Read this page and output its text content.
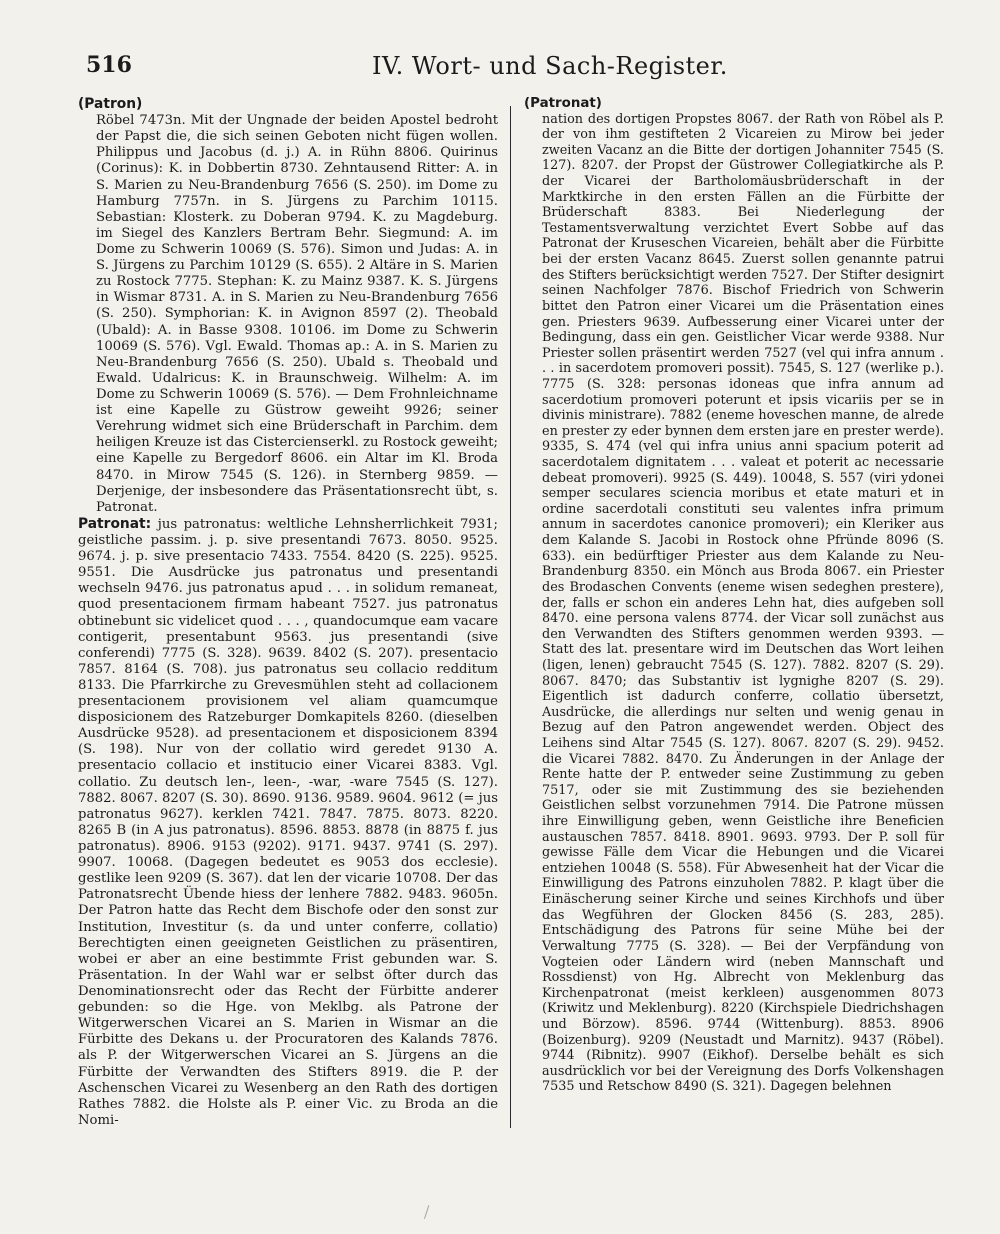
516	IV. Wort- und Sach-Register.
(Patron)
Röbel 7473n. Mit der Ungnade der beiden Apostel bedroht der Papst die, die sich seinen Geboten nicht fügen wollen. Philippus und Jacobus (d. j.) A. in Rühn 8806. Quirinus (Corinus): K. in Dobbertin 8730. Zehntausend Ritter: A. in S. Marien zu Neu-Brandenburg 7656 (S. 250). im Dome zu Hamburg 7757n. in S. Jürgens zu Parchim 10115. Sebastian: Klosterk. zu Doberan 9794. K. zu Magdeburg. im Siegel des Kanzlers Bertram Behr. Siegmund: A. im Dome zu Schwerin 10069 (S. 576). Simon und Judas: A. in S. Jürgens zu Parchim 10129 (S. 655). 2 Altäre in S. Marien zu Rostock 7775. Stephan: K. zu Mainz 9387. K. S. Jürgens in Wismar 8731. A. in S. Marien zu Neu-Brandenburg 7656 (S. 250). Symphorian: K. in Avignon 8597 (2). Theobald (Ubald): A. in Basse 9308. 10106. im Dome zu Schwerin 10069 (S. 576). Vgl. Ewald. Thomas ap.: A. in S. Marien zu Neu-Brandenburg 7656 (S. 250). Ubald s. Theobald und Ewald. Udalricus: K. in Braunschweig. Wilhelm: A. im Dome zu Schwerin 10069 (S. 576). — Dem Frohnleichname ist eine Kapelle zu Güstrow geweiht 9926; seiner Verehrung widmet sich eine Brüderschaft in Parchim. dem heiligen Kreuze ist das Cistercienserkl. zu Rostock geweiht; eine Kapelle zu Bergedorf 8606. ein Altar im Kl. Broda 8470. in Mirow 7545 (S. 126). in Sternberg 9859. — Derjenige, der insbesondere das Präsentationsrecht übt, s. Patronat.
Patronat: jus patronatus: weltliche Lehnsherrlichkeit 7931; geistliche passim. j. p. sive presentandi 7673. 8050. 9525. 9674. j. p. sive presentacio 7433. 7554. 8420 (S. 225). 9525. 9551. Die Ausdrücke jus patronatus und presentandi wechseln 9476. jus patronatus apud . . . in solidum remaneat, quod presentacionem firmam habeant 7527. jus patronatus obtinebunt sic videlicet quod . . . , quandocumque eam vacare contigerit, presentabunt 9563. jus presentandi (sive conferendi) 7775 (S. 328). 9639. 8402 (S. 207). presentacio 7857. 8164 (S. 708). jus patronatus seu collacio redditum 8133. Die Pfarrkirche zu Grevesmühlen steht ad collacionem presentacionem provisionem vel aliam quamcumque disposicionem des Ratzeburger Domkapitels 8260. (dieselben Ausdrücke 9528). ad presentacionem et disposicionem 8394 (S. 198). Nur von der collatio wird geredet 9130 A. presentacio collacio et institucio einer Vicarei 8383. Vgl. collatio. Zu deutsch len-, leen-, -war, -ware 7545 (S. 127). 7882. 8067. 8207 (S. 30). 8690. 9136. 9589. 9604. 9612 (= jus patronatus 9627). kerklen 7421. 7847. 7875. 8073. 8220. 8265 B (in A jus patronatus). 8596. 8853. 8878 (in 8875 f. jus patronatus). 8906. 9153 (9202). 9171. 9437. 9741 (S. 297). 9907. 10068. (Dagegen bedeutet es 9053 dos ecclesie). gestlike leen 9209 (S. 367). dat len der vicarie 10708. Der das Patronatsrecht Übende hiess der lenhere 7882. 9483. 9605n. Der Patron hatte das Recht dem Bischofe oder den sonst zur Institution, Investitur (s. da und unter conferre, collatio) Berechtigten einen geeigneten Geistlichen zu präsentiren, wobei er aber an eine bestimmte Frist gebunden war. S. Präsentation. In der Wahl war er selbst öfter durch das Denominationsrecht oder das Recht der Fürbitte anderer gebunden: so die Hge. von Meklbg. als Patrone der Witgerwerschen Vicarei an S. Marien in Wismar an die Fürbitte des Dekans u. der Procuratoren des Kalands 7876. als P. der Witgerwerschen Vicarei an S. Jürgens an die Fürbitte der Verwandten des Stifters 8919. die P. der Aschenschen Vicarei zu Wesenberg an den Rath des dortigen Rathes 7882. die Holste als P. einer Vic. zu Broda an die Nomi-
(Patronat)
nation des dortigen Propstes 8067. der Rath von Röbel als P. der von ihm gestifteten 2 Vicareien zu Mirow bei jeder zweiten Vacanz an die Bitte der dortigen Johanniter 7545 (S. 127). 8207. der Propst der Güstrower Collegiatkirche als P. der Vicarei der Bartholomäusbrüderschaft in der Marktkirche in den ersten Fällen an die Fürbitte der Brüderschaft 8383. Bei Niederlegung der Testamentsverwaltung verzichtet Evert Sobbe auf das Patronat der Kruseschen Vicareien, behält aber die Fürbitte bei der ersten Vacanz 8645. Zuerst sollen genannte patrui des Stifters berücksichtigt werden 7527. Der Stifter designirt seinen Nachfolger 7876. Bischof Friedrich von Schwerin bittet den Patron einer Vicarei um die Präsentation eines gen. Priesters 9639. Aufbesserung einer Vicarei unter der Bedingung, dass ein gen. Geistlicher Vicar werde 9388. Nur Priester sollen präsentirt werden 7527 (vel qui infra annum . . . in sacerdotem promoveri possit). 7545, S. 127 (werlike p.). 7775 (S. 328: personas idoneas que infra annum ad sacerdotium promoveri poterunt et ipsis vicariis per se in divinis ministrare). 7882 (eneme hoveschen manne, de alrede en prester zy eder bynnen dem ersten jare en prester werde). 9335, S. 474 (vel qui infra unius anni spacium poterit ad sacerdotalem dignitatem . . . valeat et poterit ac necessarie debeat promoveri). 9925 (S. 449). 10048, S. 557 (viri ydonei semper seculares sciencia moribus et etate maturi et in ordine sacerdotali constituti seu valentes infra primum annum in sacerdotes canonice promoveri); ein Kleriker aus dem Kalande S. Jacobi in Rostock ohne Pfründe 8096 (S. 633). ein bedürftiger Priester aus dem Kalande zu Neu-Brandenburg 8350. ein Mönch aus Broda 8067. ein Priester des Brodaschen Convents (eneme wisen sedeghen prestere), der, falls er schon ein anderes Lehn hat, dies aufgeben soll 8470. eine persona valens 8774. der Vicar soll zunächst aus den Verwandten des Stifters genommen werden 9393. — Statt des lat. presentare wird im Deutschen das Wort leihen (ligen, lenen) gebraucht 7545 (S. 127). 7882. 8207 (S. 29). 8067. 8470; das Substantiv ist lygnighe 8207 (S. 29). Eigentlich ist dadurch conferre, collatio übersetzt, Ausdrücke, die allerdings nur selten und wenig genau in Bezug auf den Patron angewendet werden. Object des Leihens sind Altar 7545 (S. 127). 8067. 8207 (S. 29). 9452. die Vicarei 7882. 8470. Zu Änderungen in der Anlage der Rente hatte der P. entweder seine Zustimmung zu geben 7517, oder sie mit Zustimmung des sie beziehenden Geistlichen selbst vorzunehmen 7914. Die Patrone müssen ihre Einwilligung geben, wenn Geistliche ihre Beneficien austauschen 7857. 8418. 8901. 9693. 9793. Der P. soll für gewisse Fälle dem Vicar die Hebungen und die Vicarei entziehen 10048 (S. 558). Für Abwesenheit hat der Vicar die Einwilligung des Patrons einzuholen 7882. P. klagt über die Einäscherung seiner Kirche und seines Kirchhofs und über das Wegführen der Glocken 8456 (S. 283, 285). Entschädigung des Patrons für seine Mühe bei der Verwaltung 7775 (S. 328). — Bei der Verpfändung von Vogteien oder Ländern wird (neben Mannschaft und Rossdienst) von Hg. Albrecht von Meklenburg das Kirchenpatronat (meist kerkleen) ausgenommen 8073 (Kriwitz und Meklenburg). 8220 (Kirchspiele Diedrichshagen und Börzow). 8596. 9744 (Wittenburg). 8853. 8906 (Boizenburg). 9209 (Neustadt und Marnitz). 9437 (Röbel). 9744 (Ribnitz). 9907 (Eikhof). Derselbe behält es sich ausdrücklich vor bei der Vereignung des Dorfs Volkenshagen 7535 und Retschow 8490 (S. 321). Dagegen belehnen
